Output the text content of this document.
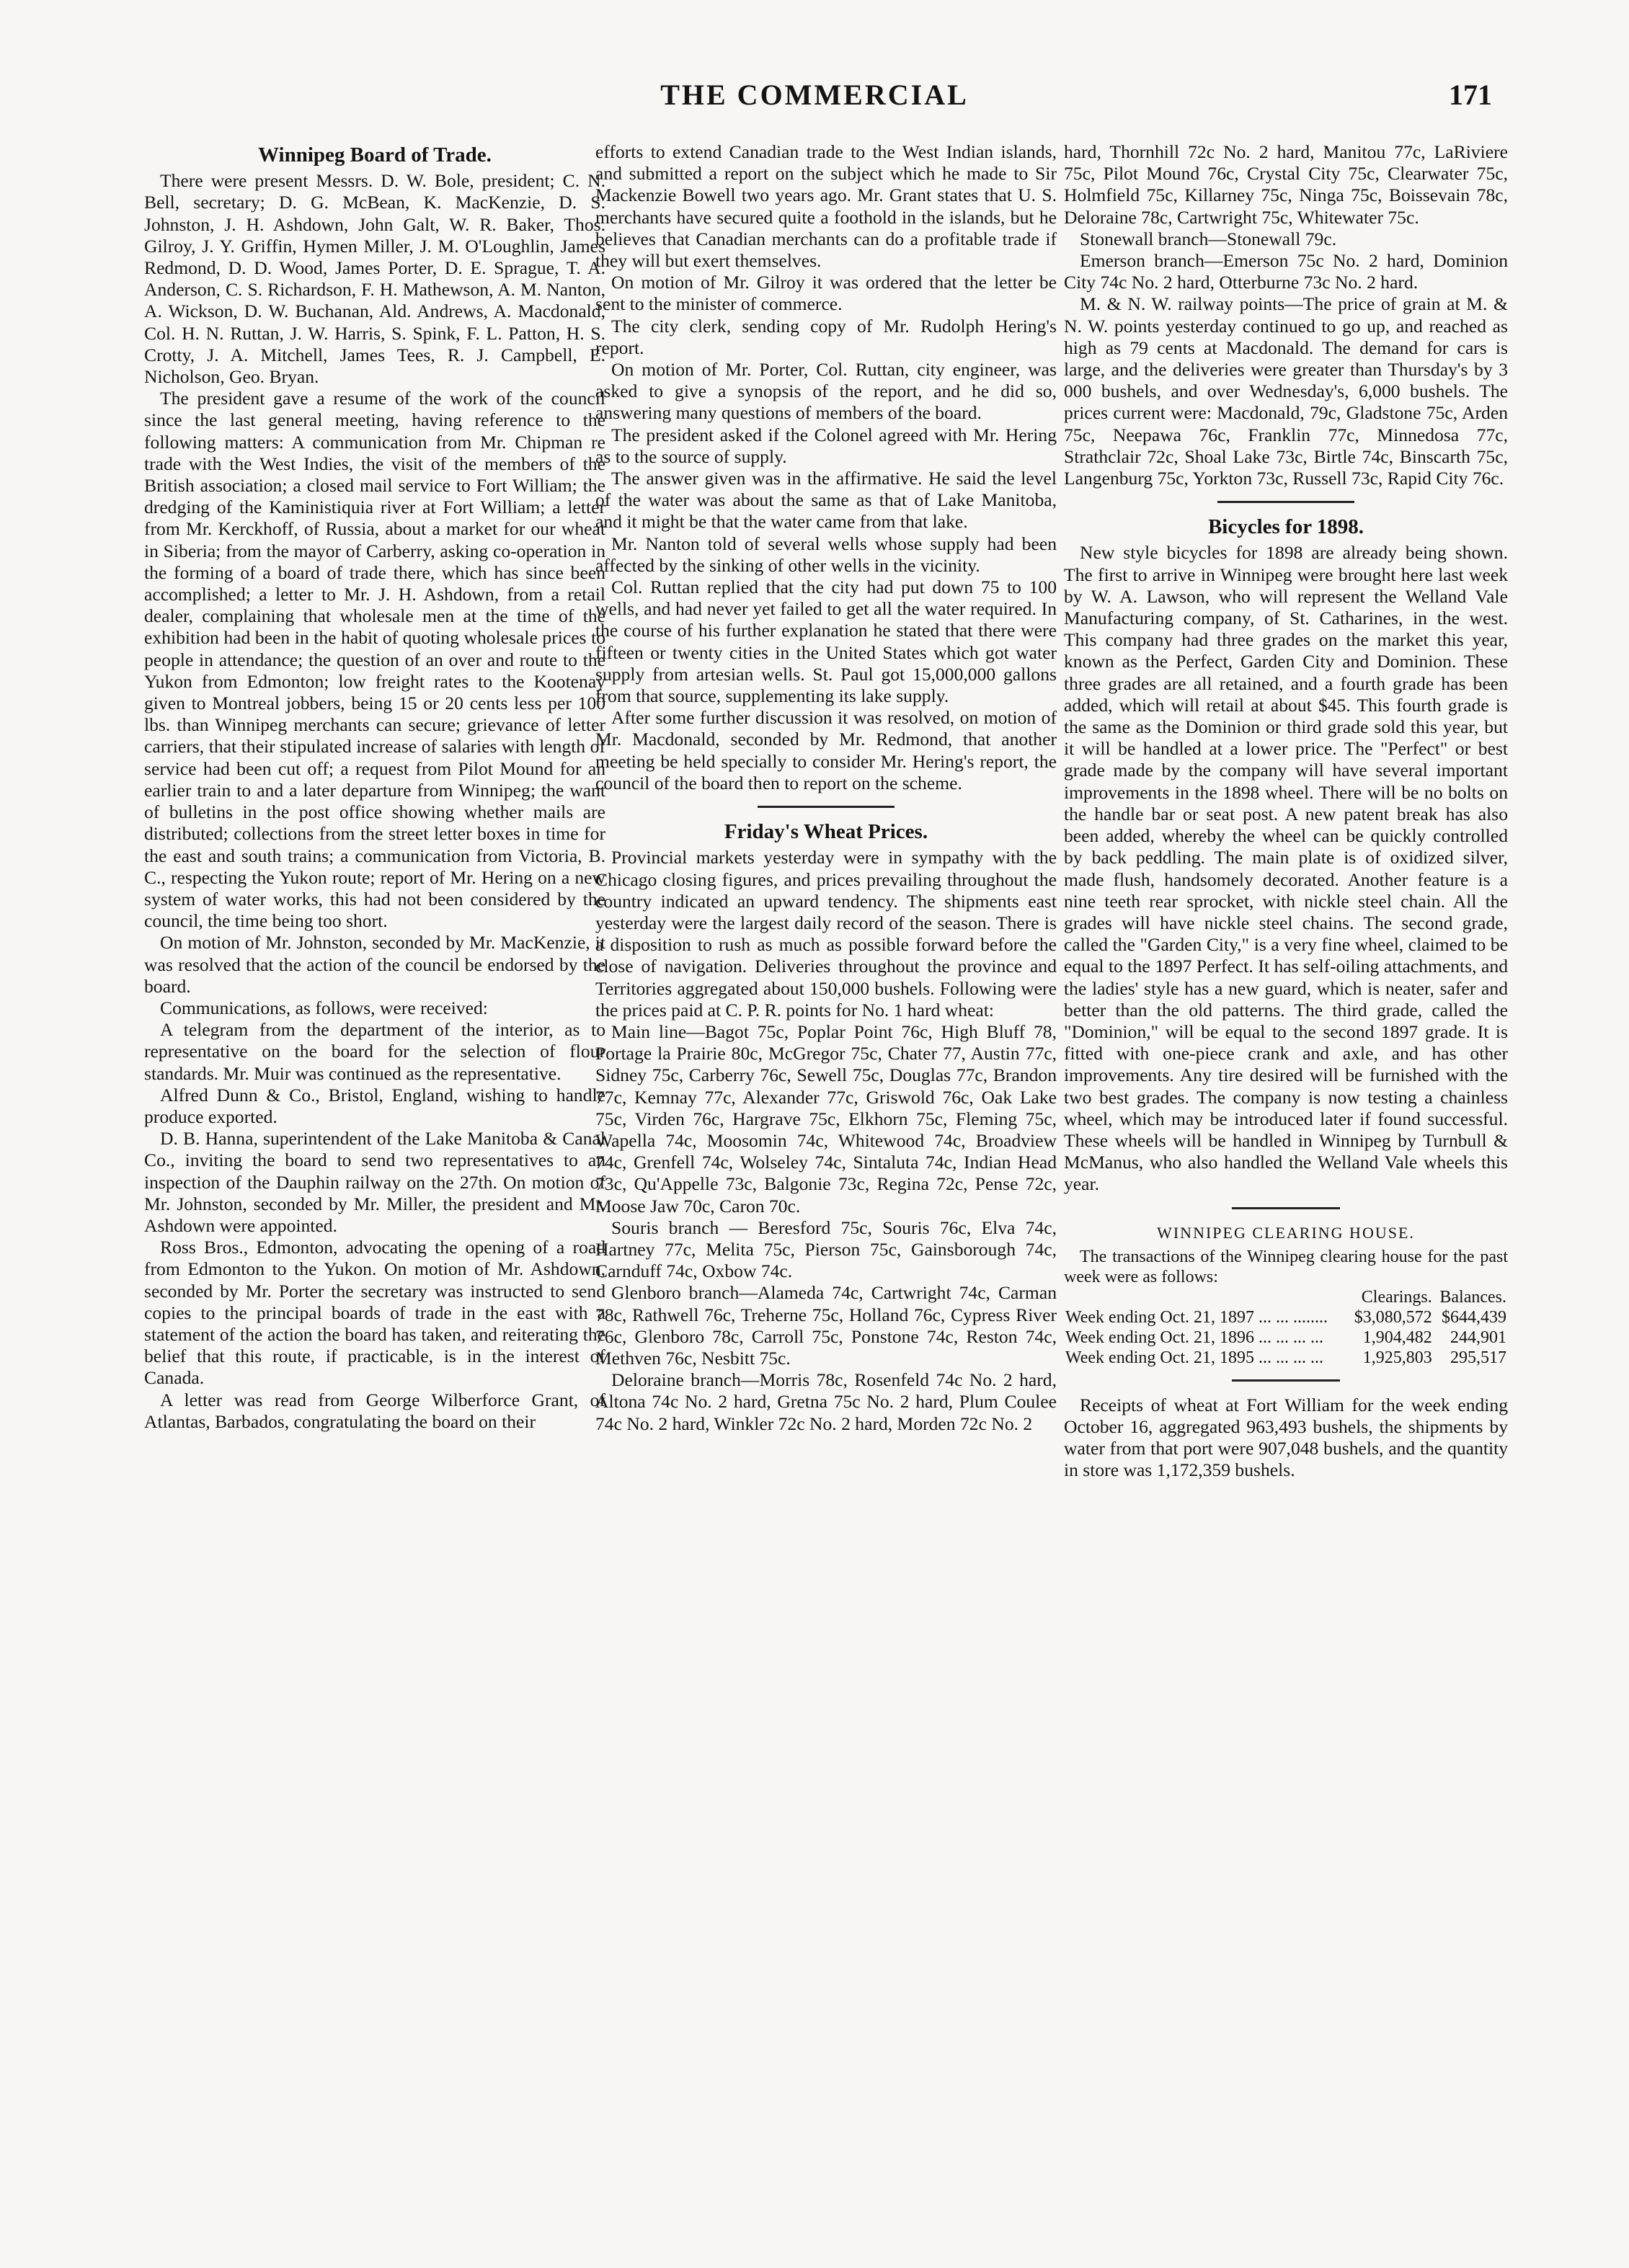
THE COMMERCIAL	171
Winnipeg Board of Trade.

There were present Messrs. D. W. Bole, president; C. N. Bell, secretary; D. G. McBean, K. MacKenzie, D. S. Johnston, J. H. Ashdown, John Galt, W. R. Baker, Thos. Gilroy, J. Y. Griffin, Hymen Miller, J. M. O'Loughlin, James Redmond, D. D. Wood, James Porter, D. E. Sprague, T. A. Anderson, C. S. Richardson, F. H. Mathewson, A. M. Nanton, A. Wickson, D. W. Buchanan, Ald. Andrews, A. Macdonald, Col. H. N. Ruttan, J. W. Harris, S. Spink, F. L. Patton, H. S. Crotty, J. A. Mitchell, James Tees, R. J. Campbell, E. Nicholson, Geo. Bryan.

The president gave a resume of the work of the council since the last general meeting, having reference to the following matters: A communication from Mr. Chipman re trade with the West Indies, the visit of the members of the British association; a closed mail service to Fort William; the dredging of the Kaministiquia river at Fort William; a letter from Mr. Kerckhoff, of Russia, about a market for our wheat in Siberia; from the mayor of Carberry, asking co-operation in the forming of a board of trade there, which has since been accomplished; a letter to Mr. J. H. Ashdown, from a retail dealer, complaining that wholesale men at the time of the exhibition had been in the habit of quoting wholesale prices to people in attendance; the question of an over and route to the Yukon from Edmonton; low freight rates to the Kootenay given to Montreal jobbers, being 15 or 20 cents less per 100 lbs. than Winnipeg merchants can secure; grievance of letter carriers, that their stipulated increase of salaries with length of service had been cut off; a request from Pilot Mound for an earlier train to and a later departure from Winnipeg; the want of bulletins in the post office showing whether mails are distributed; collections from the street letter boxes in time for the east and south trains; a communication from Victoria, B. C., respecting the Yukon route; report of Mr. Hering on a new system of water works, this had not been considered by the council, the time being too short.

On motion of Mr. Johnston, seconded by Mr. MacKenzie, it was resolved that the action of the council be endorsed by the board.

Communications, as follows, were received:

A telegram from the department of the interior, as to representative on the board for the selection of flour standards. Mr. Muir was continued as the representative.

Alfred Dunn & Co., Bristol, England, wishing to handle produce exported.

D. B. Hanna, superintendent of the Lake Manitoba & Canal Co., inviting the board to send two representatives to an inspection of the Dauphin railway on the 27th. On motion of Mr. Johnston, seconded by Mr. Miller, the president and Mr. Ashdown were appointed.

Ross Bros., Edmonton, advocating the opening of a road from Edmonton to the Yukon. On motion of Mr. Ashdown, seconded by Mr. Porter the secretary was instructed to send copies to the principal boards of trade in the east with a statement of the action the board has taken, and reiterating the belief that this route, if practicable, is in the interest of Canada.

A letter was read from George Wilberforce Grant, of Atlantas, Barbados, congratulating the board on their

efforts to extend Canadian trade to the West Indian islands, and submitted a report on the subject which he made to Sir Mackenzie Bowell two years ago. Mr. Grant states that U. S. merchants have secured quite a foothold in the islands, but he believes that Canadian merchants can do a profitable trade if they will but exert themselves.

On motion of Mr. Gilroy it was ordered that the letter be sent to the minister of commerce.

The city clerk, sending copy of Mr. Rudolph Hering's report.

On motion of Mr. Porter, Col. Ruttan, city engineer, was asked to give a synopsis of the report, and he did so, answering many questions of members of the board.

The president asked if the Colonel agreed with Mr. Hering as to the source of supply.

The answer given was in the affirmative. He said the level of the water was about the same as that of Lake Manitoba, and it might be that the water came from that lake.

Mr. Nanton told of several wells whose supply had been affected by the sinking of other wells in the vicinity.

Col. Ruttan replied that the city had put down 75 to 100 wells, and had never yet failed to get all the water required. In the course of his further explanation he stated that there were fifteen or twenty cities in the United States which got water supply from artesian wells. St. Paul got 15,000,000 gallons from that source, supplementing its lake supply.

After some further discussion it was resolved, on motion of Mr. Macdonald, seconded by Mr. Redmond, that another meeting be held specially to consider Mr. Hering's report, the council of the board then to report on the scheme.

Friday's Wheat Prices.

Provincial markets yesterday were in sympathy with the Chicago closing figures, and prices prevailing throughout the country indicated an upward tendency. The shipments east yesterday were the largest daily record of the season. There is a disposition to rush as much as possible forward before the close of navigation. Deliveries throughout the province and Territories aggregated about 150,000 bushels. Following were the prices paid at C. P. R. points for No. 1 hard wheat:

Main line—Bagot 75c, Poplar Point 76c, High Bluff 78, Portage la Prairie 80c, McGregor 75c, Chater 77, Austin 77c, Sidney 75c, Carberry 76c, Sewell 75c, Douglas 77c, Brandon 77c, Kemnay 77c, Alexander 77c, Griswold 76c, Oak Lake 75c, Virden 76c, Hargrave 75c, Elkhorn 75c, Fleming 75c, Wapella 74c, Moosomin 74c, Whitewood 74c, Broadview 74c, Grenfell 74c, Wolseley 74c, Sintaluta 74c, Indian Head 73c, Qu'Appelle 73c, Balgonie 73c, Regina 72c, Pense 72c, Moose Jaw 70c, Caron 70c.

Souris branch — Beresford 75c, Souris 76c, Elva 74c, Hartney 77c, Melita 75c, Pierson 75c, Gainsborough 74c, Carnduff 74c, Oxbow 74c.

Glenboro branch—Alameda 74c, Cartwright 74c, Carman 78c, Rathwell 76c, Treherne 75c, Holland 76c, Cypress River 76c, Glenboro 78c, Carroll 75c, Ponstone 74c, Reston 74c, Methven 76c, Nesbitt 75c.

Deloraine branch—Morris 78c, Rosenfeld 74c No. 2 hard, Altona 74c No. 2 hard, Gretna 75c No. 2 hard, Plum Coulee 74c No. 2 hard, Winkler 72c No. 2 hard, Morden 72c No. 2

hard, Thornhill 72c No. 2 hard, Manitou 77c, LaRiviere 75c, Pilot Mound 76c, Crystal City 75c, Clearwater 75c, Holmfield 75c, Killarney 75c, Ninga 75c, Boissevain 78c, Deloraine 78c, Cartwright 75c, Whitewater 75c.

Stonewall branch—Stonewall 79c.

Emerson branch—Emerson 75c No. 2 hard, Dominion City 74c No. 2 hard, Otterburne 73c No. 2 hard.

M. & N. W. railway points—The price of grain at M. & N. W. points yesterday continued to go up, and reached as high as 79 cents at Macdonald. The demand for cars is large, and the deliveries were greater than Thursday's by 3 000 bushels, and over Wednesday's, 6,000 bushels. The prices current were: Macdonald, 79c, Gladstone 75c, Arden 75c, Neepawa 76c, Franklin 77c, Minnedosa 77c, Strathclair 72c, Shoal Lake 73c, Birtle 74c, Binscarth 75c, Langenburg 75c, Yorkton 73c, Russell 73c, Rapid City 76c.

Bicycles for 1898.

New style bicycles for 1898 are already being shown. The first to arrive in Winnipeg were brought here last week by W. A. Lawson, who will represent the Welland Vale Manufacturing company, of St. Catharines, in the west. This company had three grades on the market this year, known as the Perfect, Garden City and Dominion. These three grades are all retained, and a fourth grade has been added, which will retail at about $45. This fourth grade is the same as the Dominion or third grade sold this year, but it will be handled at a lower price. The "Perfect" or best grade made by the company will have several important improvements in the 1898 wheel. There will be no bolts on the handle bar or seat post. A new patent break has also been added, whereby the wheel can be quickly controlled by back peddling. The main plate is of oxidized silver, made flush, handsomely decorated. Another feature is a nine teeth rear sprocket, with nickle steel chain. All the grades will have nickle steel chains. The second grade, called the "Garden City," is a very fine wheel, claimed to be equal to the 1897 Perfect. It has self-oiling attachments, and the ladies' style has a new guard, which is neater, safer and better than the old patterns. The third grade, called the "Dominion," will be equal to the second 1897 grade. It is fitted with one-piece crank and axle, and has other improvements. Any tire desired will be furnished with the two best grades. The company is now testing a chainless wheel, which may be introduced later if found successful. These wheels will be handled in Winnipeg by Turnbull & McManus, who also handled the Welland Vale wheels this year.

WINNIPEG CLEARING HOUSE.

The transactions of the Winnipeg clearing house for the past week were as follows:

	Clearings.	Balances.
Week ending Oct. 21, 1897 ... ... ........	$3,080,572	$644,439
Week ending Oct. 21, 1896 ... ... ... ...	1,904,482	244,901
Week ending Oct. 21, 1895 ... ... ... ...	1,925,803	295,517

Receipts of wheat at Fort William for the week ending October 16, aggregated 963,493 bushels, the shipments by water from that port were 907,048 bushels, and the quantity in store was 1,172,359 bushels.
